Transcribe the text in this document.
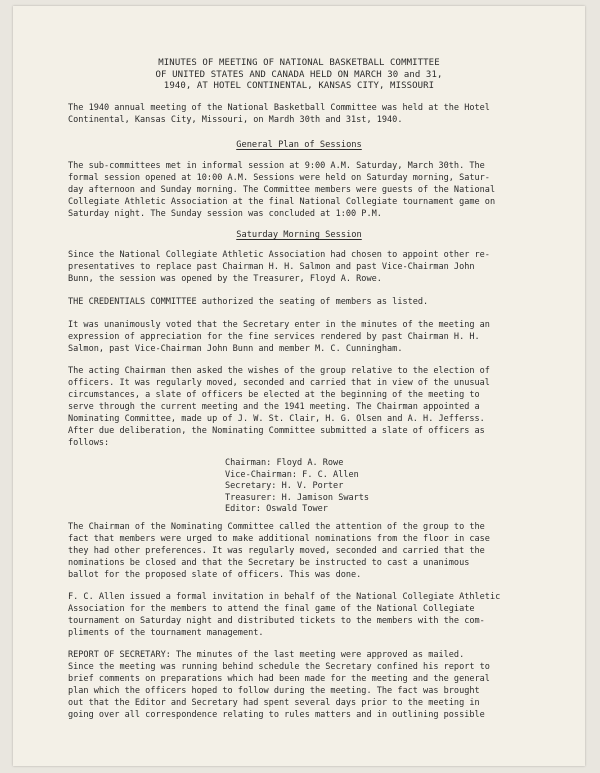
MINUTES OF MEETING OF NATIONAL BASKETBALL COMMITTEE
OF UNITED STATES AND CANADA HELD ON MARCH 30 and 31,
1940, AT HOTEL CONTINENTAL, KANSAS CITY, MISSOURI
The 1940 annual meeting of the National Basketball Committee was held at the Hotel
Continental, Kansas City, Missouri, on Mardh 30th and 31st, 1940.
General Plan of Sessions
The sub-committees met in informal session at 9:00 A.M. Saturday, March 30th. The
formal session opened at 10:00 A.M. Sessions were held on Saturday morning, Satur-
day afternoon and Sunday morning. The Committee members were guests of the National
Collegiate Athletic Association at the final National Collegiate tournament game on
Saturday night. The Sunday session was concluded at 1:00 P.M.
Saturday Morning Session
Since the National Collegiate Athletic Association had chosen to appoint other re-
presentatives to replace past Chairman H. H. Salmon and past Vice-Chairman John
Bunn, the session was opened by the Treasurer, Floyd A. Rowe.
THE CREDENTIALS COMMITTEE authorized the seating of members as listed.
It was unanimously voted that the Secretary enter in the minutes of the meeting an
expression of appreciation for the fine services rendered by past Chairman H. H.
Salmon, past Vice-Chairman John Bunn and member M. C. Cunningham.
The acting Chairman then asked the wishes of the group relative to the election of
officers. It was regularly moved, seconded and carried that in view of the unusual
circumstances, a slate of officers be elected at the beginning of the meeting to
serve through the current meeting and the 1941 meeting. The Chairman appointed a
Nominating Committee, made up of J. W. St. Clair, H. G. Olsen and A. H. Jefferss.
After due deliberation, the Nominating Committee submitted a slate of officers as
follows:
Chairman: Floyd A. Rowe
Vice-Chairman: F. C. Allen
Secretary: H. V. Porter
Treasurer: H. Jamison Swarts
Editor: Oswald Tower
The Chairman of the Nominating Committee called the attention of the group to the
fact that members were urged to make additional nominations from the floor in case
they had other preferences. It was regularly moved, seconded and carried that the
nominations be closed and that the Secretary be instructed to cast a unanimous
ballot for the proposed slate of officers. This was done.
F. C. Allen issued a formal invitation in behalf of the National Collegiate Athletic
Association for the members to attend the final game of the National Collegiate
tournament on Saturday night and distributed tickets to the members with the com-
pliments of the tournament management.
REPORT OF SECRETARY: The minutes of the last meeting were approved as mailed.
Since the meeting was running behind schedule the Secretary confined his report to
brief comments on preparations which had been made for the meeting and the general
plan which the officers hoped to follow during the meeting. The fact was brought
out that the Editor and Secretary had spent several days prior to the meeting in
going over all correspondence relating to rules matters and in outlining possible
